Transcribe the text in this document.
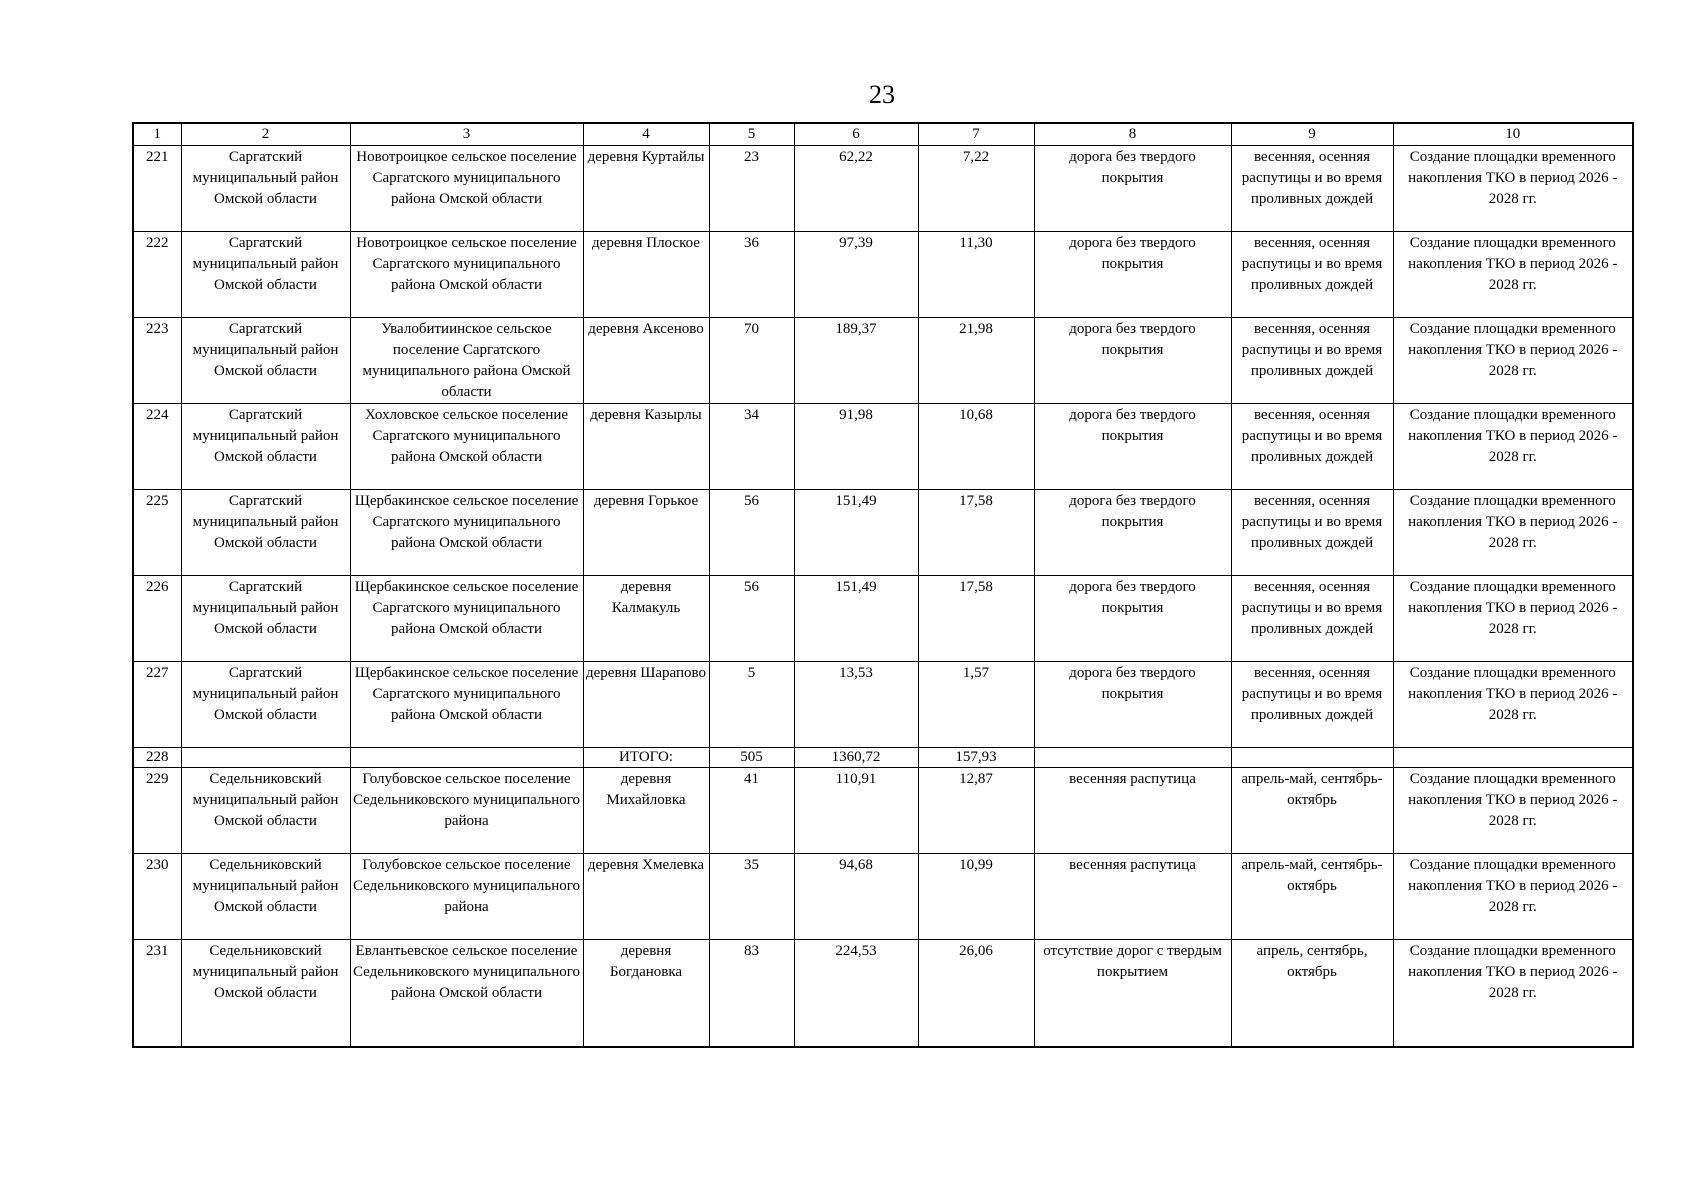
23
1	2	3	4	5	6	7	8	9	10
221	Саргатский муниципальный район Омской области	Новотроицкое сельское поселение Саргатского муниципального района Омской области	деревня Куртайлы	23	62,22	7,22	дорога без твердого покрытия	весенняя, осенняя распутицы и во время проливных дождей	Создание площадки временного накопления ТКО в период 2026 - 2028 гг.
222	Саргатский муниципальный район Омской области	Новотроицкое сельское поселение Саргатского муниципального района Омской области	деревня Плоское	36	97,39	11,30	дорога без твердого покрытия	весенняя, осенняя распутицы и во время проливных дождей	Создание площадки временного накопления ТКО в период 2026 - 2028 гг.
223	Саргатский муниципальный район Омской области	Увалобитиинское сельское поселение Саргатского муниципального района Омской области	деревня Аксеново	70	189,37	21,98	дорога без твердого покрытия	весенняя, осенняя распутицы и во время проливных дождей	Создание площадки временного накопления ТКО в период 2026 - 2028 гг.
224	Саргатский муниципальный район Омской области	Хохловское сельское поселение Саргатского муниципального района Омской области	деревня Казырлы	34	91,98	10,68	дорога без твердого покрытия	весенняя, осенняя распутицы и во время проливных дождей	Создание площадки временного накопления ТКО в период 2026 - 2028 гг.
225	Саргатский муниципальный район Омской области	Щербакинское сельское поселение Саргатского муниципального района Омской области	деревня Горькое	56	151,49	17,58	дорога без твердого покрытия	весенняя, осенняя распутицы и во время проливных дождей	Создание площадки временного накопления ТКО в период 2026 - 2028 гг.
226	Саргатский муниципальный район Омской области	Щербакинское сельское поселение Саргатского муниципального района Омской области	деревня Калмакуль	56	151,49	17,58	дорога без твердого покрытия	весенняя, осенняя распутицы и во время проливных дождей	Создание площадки временного накопления ТКО в период 2026 - 2028 гг.
227	Саргатский муниципальный район Омской области	Щербакинское сельское поселение Саргатского муниципального района Омской области	деревня Шарапово	5	13,53	1,57	дорога без твердого покрытия	весенняя, осенняя распутицы и во время проливных дождей	Создание площадки временного накопления ТКО в период 2026 - 2028 гг.
228			ИТОГО:	505	1360,72	157,93			
229	Седельниковский муниципальный район Омской области	Голубовское сельское поселение Седельниковского муниципального района	деревня Михайловка	41	110,91	12,87	весенняя распутица	апрель-май, сентябрь-октябрь	Создание площадки временного накопления ТКО в период 2026 - 2028 гг.
230	Седельниковский муниципальный район Омской области	Голубовское сельское поселение Седельниковского муниципального района	деревня Хмелевка	35	94,68	10,99	весенняя распутица	апрель-май, сентябрь-октябрь	Создание площадки временного накопления ТКО в период 2026 - 2028 гг.
231	Седельниковский муниципальный район Омской области	Евлантьевское сельское поселение Седельниковского муниципального района Омской области	деревня Богдановка	83	224,53	26,06	отсутствие дорог с твердым покрытием	апрель, сентябрь, октябрь	Создание площадки временного накопления ТКО в период 2026 - 2028 гг.
